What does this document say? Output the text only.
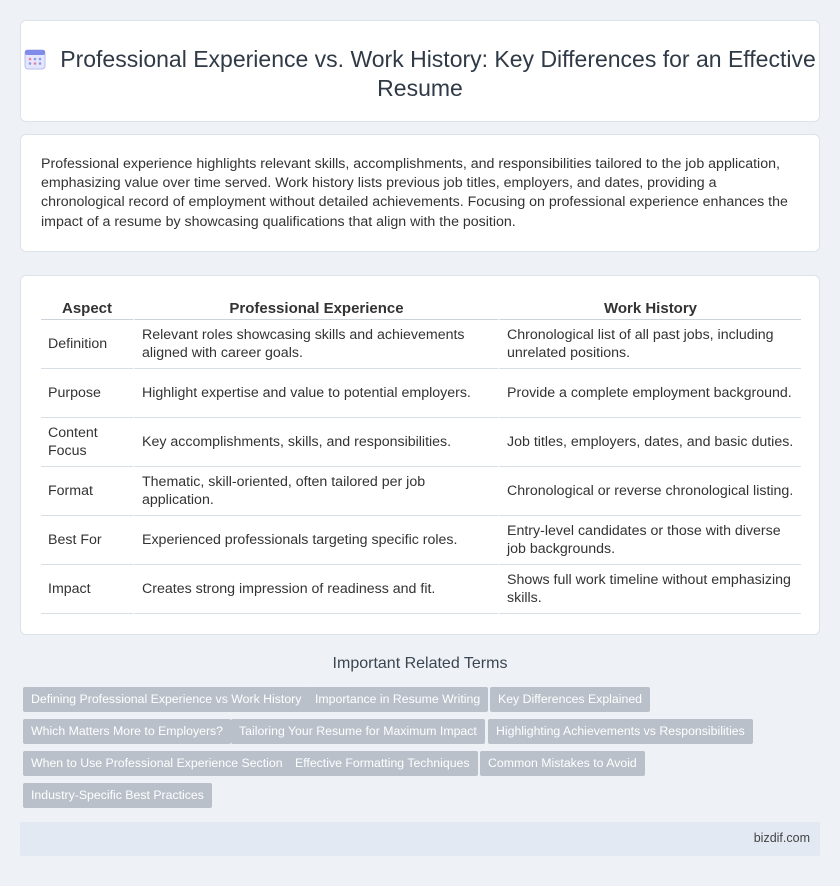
Professional Experience vs. Work History: Key Differences for an Effective Resume

Professional experience highlights relevant skills, accomplishments, and responsibilities tailored to the job application, emphasizing value over time served. Work history lists previous job titles, employers, and dates, providing a chronological record of employment without detailed achievements. Focusing on professional experience enhances the impact of a resume by showcasing qualifications that align with the position.

Aspect	Professional Experience	Work History
Definition	Relevant roles showcasing skills and achievements aligned with career goals.	Chronological list of all past jobs, including unrelated positions.
Purpose	Highlight expertise and value to potential employers.	Provide a complete employment background.
Content Focus	Key accomplishments, skills, and responsibilities.	Job titles, employers, dates, and basic duties.
Format	Thematic, skill-oriented, often tailored per job application.	Chronological or reverse chronological listing.
Best For	Experienced professionals targeting specific roles.	Entry-level candidates or those with diverse job backgrounds.
Impact	Creates strong impression of readiness and fit.	Shows full work timeline without emphasizing skills.
Important Related Terms
Defining Professional Experience vs Work History	Importance in Resume Writing	Key Differences Explained
Which Matters More to Employers?	Tailoring Your Resume for Maximum Impact	Highlighting Achievements vs Responsibilities
When to Use Professional Experience Section	Effective Formatting Techniques	Common Mistakes to Avoid
Industry-Specific Best Practices
bizdif.com
